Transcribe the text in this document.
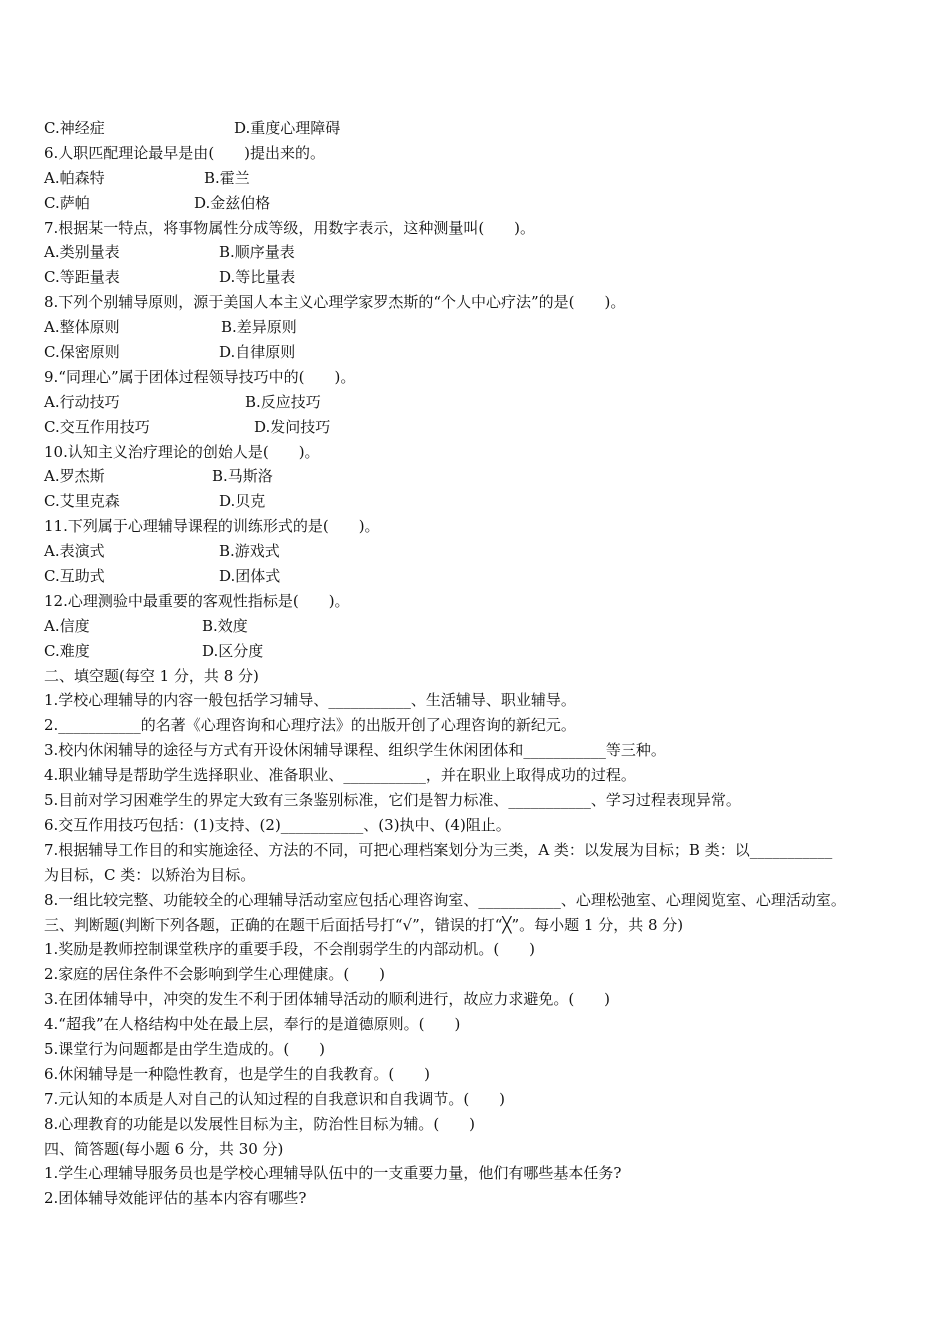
C.神经症	D.重度心理障碍
6.人职匹配理论最早是由(　　)提出来的。
A.帕森特	B.霍兰
C.萨帕	D.金兹伯格
7.根据某一特点，将事物属性分成等级，用数字表示，这种测量叫(　　)。
A.类别量表	B.顺序量表
C.等距量表	D.等比量表
8.下列个别辅导原则，源于美国人本主义心理学家罗杰斯的“个人中心疗法”的是(　　)。
A.整体原则	B.差异原则
C.保密原则	D.自律原则
9.“同理心”属于团体过程领导技巧中的(　　)。
A.行动技巧	B.反应技巧
C.交互作用技巧	D.发问技巧
10.认知主义治疗理论的创始人是(　　)。
A.罗杰斯	B.马斯洛
C.艾里克森	D.贝克
11.下列属于心理辅导课程的训练形式的是(　　)。
A.表演式	B.游戏式
C.互助式	D.团体式
12.心理测验中最重要的客观性指标是(　　)。
A.信度	B.效度
C.难度	D.区分度
二、填空题(每空 1 分，共 8 分)
1.学校心理辅导的内容一般包括学习辅导、___________、生活辅导、职业辅导。
2.___________的名著《心理咨询和心理疗法》的出版开创了心理咨询的新纪元。
3.校内休闲辅导的途径与方式有开设休闲辅导课程、组织学生休闲团体和___________等三种。
4.职业辅导是帮助学生选择职业、准备职业、___________，并在职业上取得成功的过程。
5.目前对学习困难学生的界定大致有三条鉴别标准，它们是智力标准、___________、学习过程表现异常。
6.交互作用技巧包括：(1)支持、(2)___________、(3)执中、(4)阻止。
7.根据辅导工作目的和实施途径、方法的不同，可把心理档案划分为三类，A 类：以发展为目标；B 类：以___________
为目标，C 类：以矫治为目标。
8.一组比较完整、功能较全的心理辅导活动室应包括心理咨询室、___________、心理松弛室、心理阅览室、心理活动室。
三、判断题(判断下列各题，正确的在题干后面括号打“√”，错误的打“╳”。每小题 1 分，共 8 分)
1.奖励是教师控制课堂秩序的重要手段，不会削弱学生的内部动机。(　　)
2.家庭的居住条件不会影响到学生心理健康。(　　)
3.在团体辅导中，冲突的发生不利于团体辅导活动的顺利进行，故应力求避免。(　　)
4.“超我”在人格结构中处在最上层，奉行的是道德原则。(　　)
5.课堂行为问题都是由学生造成的。(　　)
6.休闲辅导是一种隐性教育，也是学生的自我教育。(　　)
7.元认知的本质是人对自己的认知过程的自我意识和自我调节。(　　)
8.心理教育的功能是以发展性目标为主，防治性目标为辅。(　　)
四、简答题(每小题 6 分，共 30 分)
1.学生心理辅导服务员也是学校心理辅导队伍中的一支重要力量，他们有哪些基本任务?
2.团体辅导效能评估的基本内容有哪些?
